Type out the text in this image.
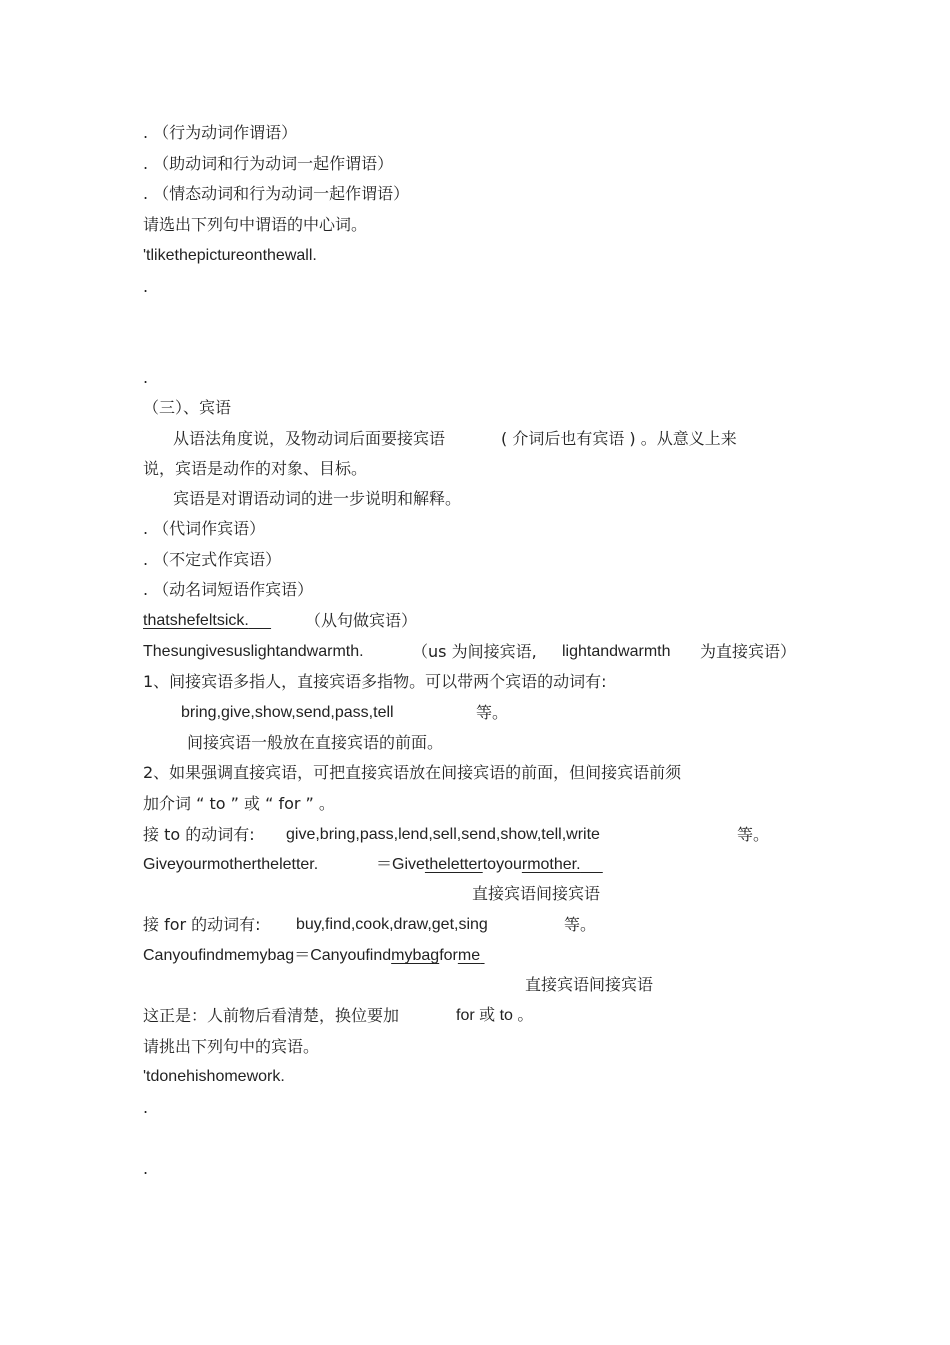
. （行为动词作谓语）
. （助动词和行为动词一起作谓语）
. （情态动词和行为动词一起作谓语）
请选出下列句中谓语的中心词。
'tlikethepictureonthewall.
.
.
（三）、宾语
从语法角度说，及物动词后面要接宾语	( 介词后也有宾语 ) 。从意义上来
说，宾语是动作的对象、目标。
宾语是对谓语动词的进一步说明和解释。
. （代词作宾语）
. （不定式作宾语）
. （动名词短语作宾语）
thatshefeltsick.	（从句做宾语）
Thesungivesuslightandwarmth.	（us 为间接宾语, lightandwarmth 为直接宾语）
1、间接宾语多指人，直接宾语多指物。可以带两个宾语的动词有:
bring,give,show,send,pass,tell	等。
间接宾语一般放在直接宾语的前面。
2、如果强调直接宾语，可把直接宾语放在间接宾语的前面，但间接宾语前须
加介词 “ to ” 或 “ for ” 。
接 to 的动词有: give,bring,pass,lend,sell,send,show,tell,write	等。
Giveyourmothertheletter.	＝Givethelettertoyourmother.
直接宾语间接宾语
接 for 的动词有: buy,find,cook,draw,get,sing	等。
Canyoufindmemybag＝Canyoufindmybagforme
直接宾语间接宾语
这正是：人前物后看清楚，换位要加	for 或 to 。
请挑出下列句中的宾语。
'tdonehishomework.
.
.
